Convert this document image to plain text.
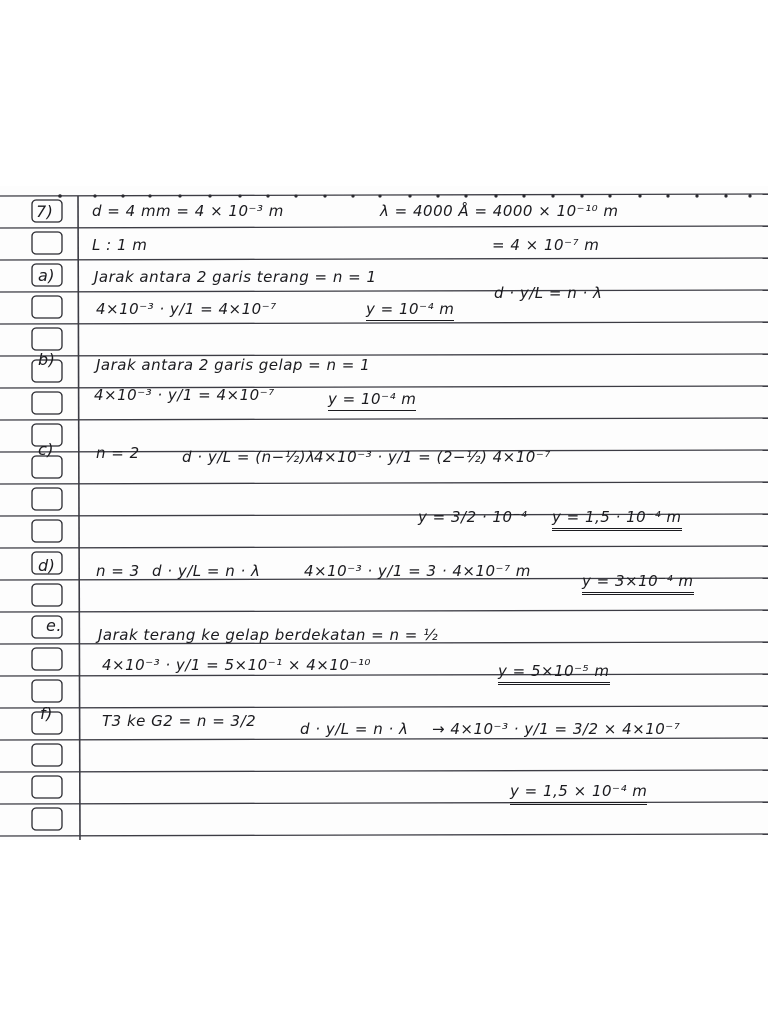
7)	d = 4 mm = 4 × 10⁻³ m	λ = 4000 Å = 4000 × 10⁻¹⁰ m
L : 1 m	= 4 × 10⁻⁷ m
a)	Jarak antara 2 garis terang = n = 1
d · y/L = n · λ
4×10⁻³ · y/1 = 4×10⁻⁷	y = 10⁻⁴ m
b)	Jarak antara 2 garis gelap = n = 1
4×10⁻³ · y/1 = 4×10⁻⁷	y = 10⁻⁴ m
c)	n = 2	d · y/L = (n−½)λ
4×10⁻³ · y/1 = (2−½) 4×10⁻⁷
y = 3/2 · 10⁻⁴ y = 1,5 · 10⁻⁴ m
d)	n = 3 d · y/L = n · λ	4×10⁻³ · y/1 = 3 · 4×10⁻⁷ m
y = 3×10⁻⁴ m
e. Jarak terang ke gelap berdekatan = n = ½
4×10⁻³ · y/1 = 5×10⁻¹ × 4×10⁻¹⁰	y = 5×10⁻⁵ m
f)	T3 ke G2 = n = 3/2	d · y/L = n · λ → 4×10⁻³ · y/1 = 3/2 × 4×10⁻⁷
y = 1,5 × 10⁻⁴ m
